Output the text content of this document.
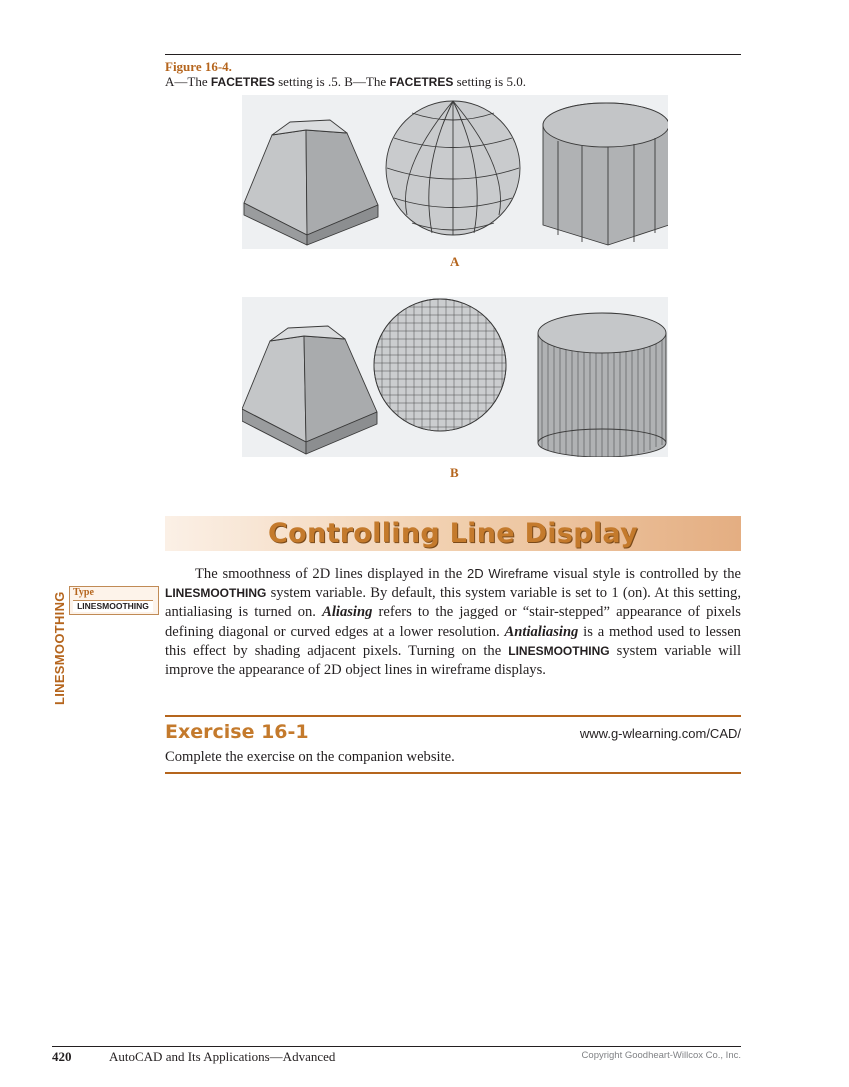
Figure 16-4.
A—The FACETRES setting is .5. B—The FACETRES setting is 5.0.
A
B
Controlling Line Display
LINESMOOTHING Type
LINESMOOTHING

The smoothness of 2D lines displayed in the 2D Wireframe visual style is controlled by the LINESMOOTHING system variable. By default, this system variable is set to 1 (on). At this setting, antialiasing is turned on. Aliasing refers to the jagged or “stair-stepped” appearance of pixels defining diagonal or curved edges at a lower resolution. Antialiasing is a method used to lessen this effect by shading adjacent pixels. Turning on the LINESMOOTHING system variable will improve the appearance of 2D object lines in wireframe displays.

Exercise 16-1	www.g-wlearning.com/CAD/
Complete the exercise on the companion website.
420	AutoCAD and Its Applications—Advanced	Copyright Goodheart-Willcox Co., Inc.
